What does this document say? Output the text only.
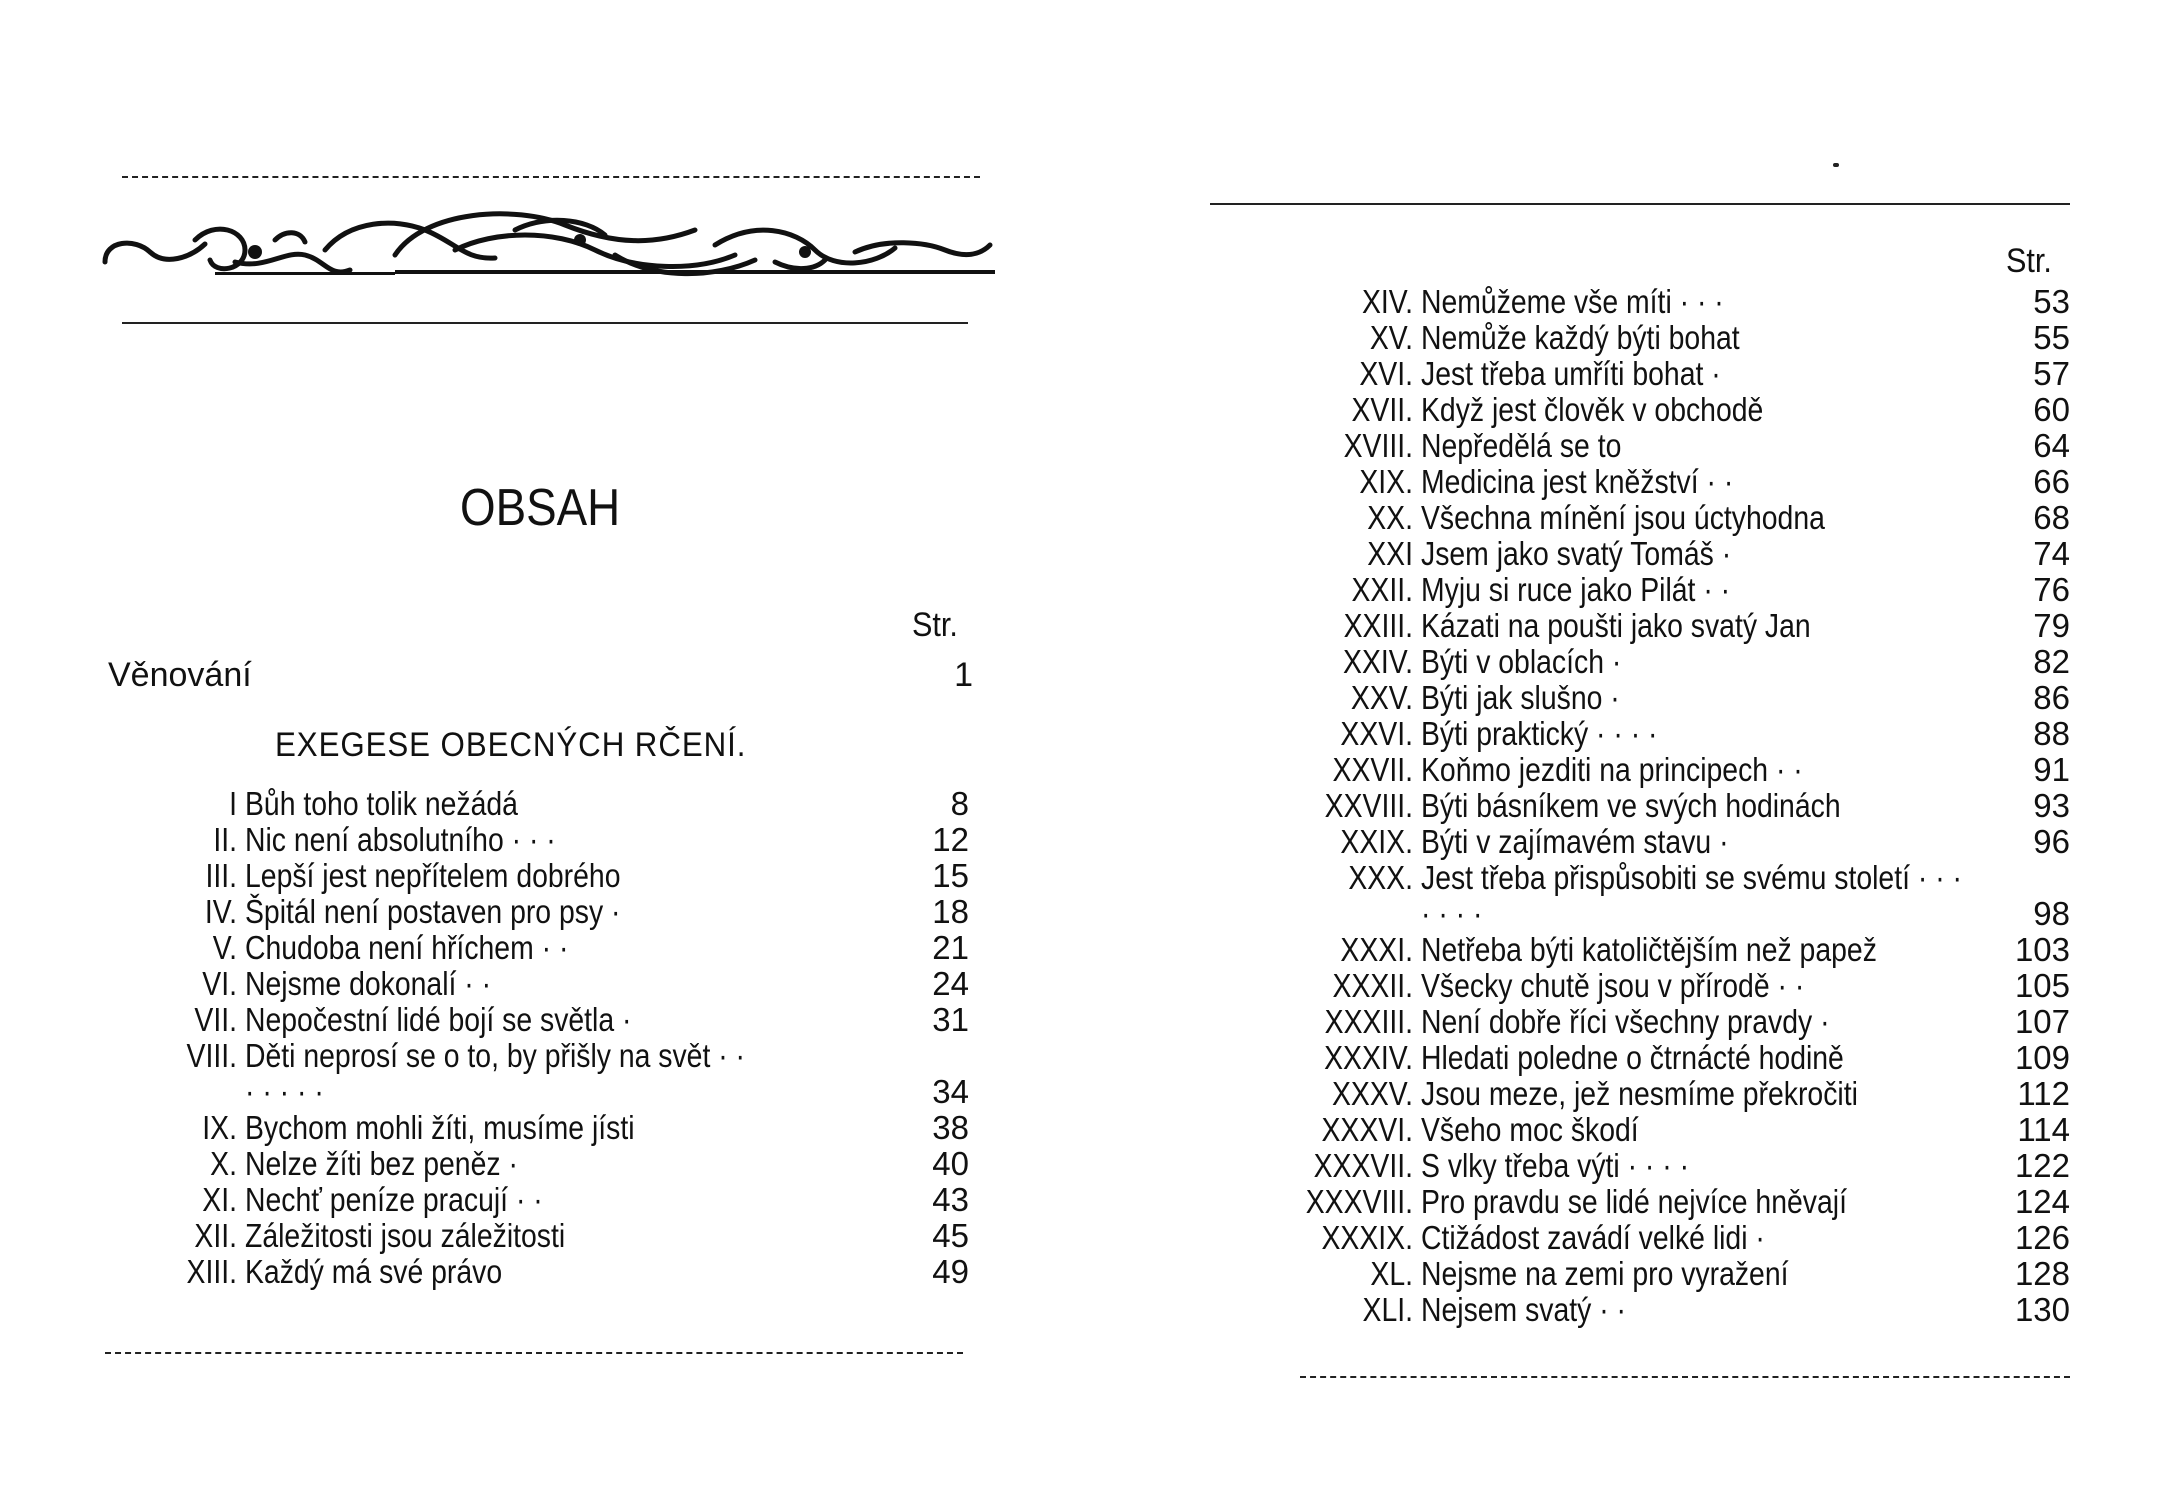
OBSAH
Str.
Věnování	1
EXEGESE OBECNÝCH RČENÍ.
I Bůh toho tolik nežádá	8
II. Nic není absolutního · · ·	12
III. Lepší jest nepřítelem dobrého	15
IV. Špitál není postaven pro psy ·	18
V. Chudoba není hříchem · ·	21
VI. Nejsme dokonalí · ·	24
VII. Nepočestní lidé bojí se světla ·	31
VIII. Děti neprosí se o to, by přišly na svět · · · · · · ·	34
IX. Bychom mohli žíti, musíme jísti	38
X. Nelze žíti bez peněz ·	40
XI. Nechť peníze pracují · ·	43
XII. Záležitosti jsou záležitosti	45
XIII. Každý má své právo	49
Str.
XIV. Nemůžeme vše míti · · ·	53
XV. Nemůže každý býti bohat	55
XVI. Jest třeba umříti bohat ·	57
XVII. Když jest člověk v obchodě	60
XVIII. Nepředělá se to	64
XIX. Medicina jest kněžství · ·	66
XX. Všechna mínění jsou úctyhodna	68
XXI Jsem jako svatý Tomáš ·	74
XXII. Myju si ruce jako Pilát · ·	76
XXIII. Kázati na poušti jako svatý Jan	79
XXIV. Býti v oblacích ·	82
XXV. Býti jak slušno ·	86
XXVI. Býti praktický · · · ·	88
XXVII. Koňmo jezditi na principech · ·	91
XXVIII. Býti básníkem ve svých hodinách	93
XXIX. Býti v zajímavém stavu ·	96
XXX. Jest třeba přispůsobiti se svému století · · · · · · ·	98
XXXI. Netřeba býti katoličtějším než papež	103
XXXII. Všecky chutě jsou v přírodě · ·	105
XXXIII. Není dobře říci všechny pravdy ·	107
XXXIV. Hledati poledne o čtrnácté hodině	109
XXXV. Jsou meze, jež nesmíme překročiti	112
XXXVI. Všeho moc škodí	114
XXXVII. S vlky třeba výti · · · ·	122
XXXVIII. Pro pravdu se lidé nejvíce hněvají	124
XXXIX. Ctižádost zavádí velké lidi ·	126
XL. Nejsme na zemi pro vyražení	128
XLI. Nejsem svatý · ·	130
